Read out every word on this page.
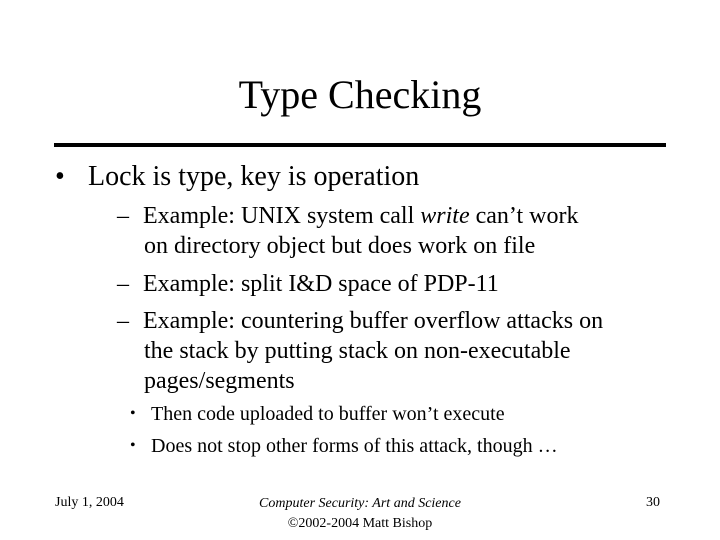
Type Checking
• Lock is type, key is operation
– Example: UNIX system call write can’t work
on directory object but does work on file
– Example: split I&D space of PDP-11
– Example: countering buffer overflow attacks on
the stack by putting stack on non-executable
pages/segments
• Then code uploaded to buffer won’t execute
• Does not stop other forms of this attack, though …
July 1, 2004	Computer Security: Art and Science
©2002-2004 Matt Bishop
30
